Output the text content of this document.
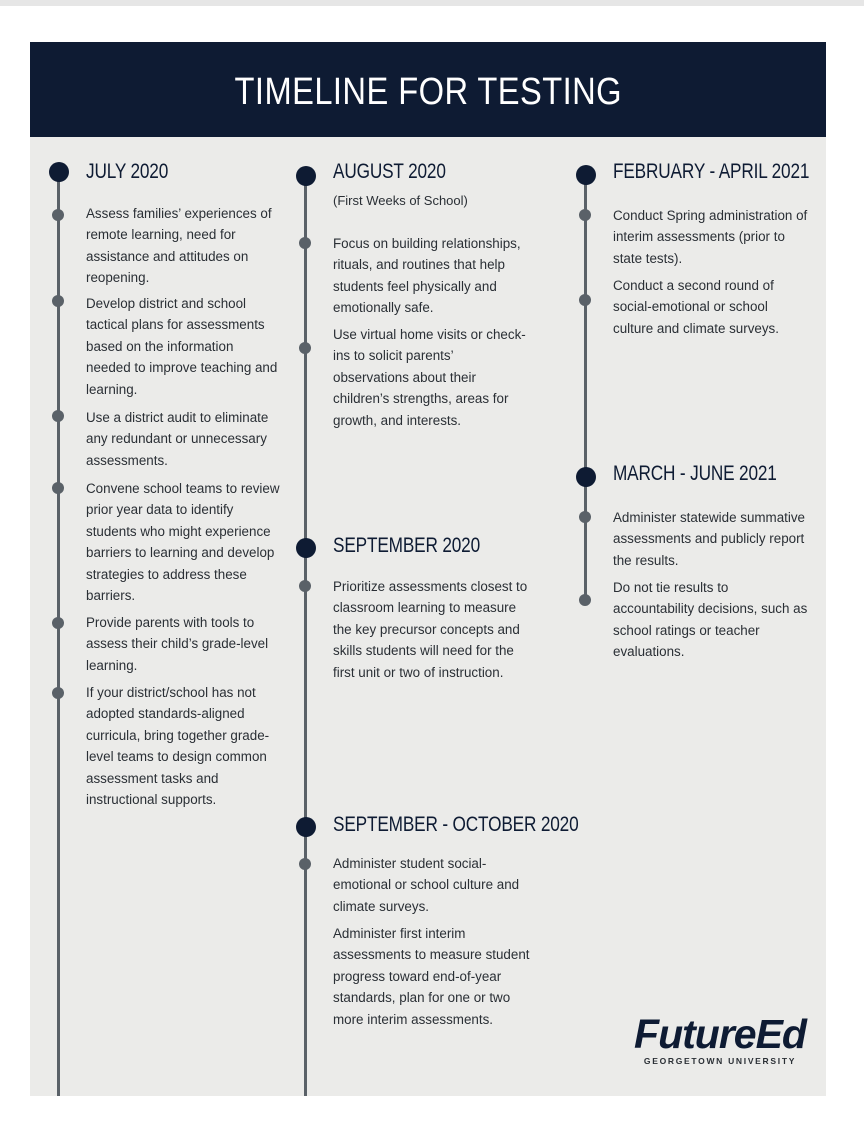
TIMELINE FOR TESTING
JULY 2020
Assess families’ experiences of remote learning, need for assistance and attitudes on reopening.
Develop district and school tactical plans for assessments based on the information needed to improve teaching and learning.
Use a district audit to eliminate any redundant or unnecessary assessments.
Convene school teams to review prior year data to identify students who might experience barriers to learning and develop strategies to address these barriers.
Provide parents with tools to assess their child’s grade-level learning.
If your district/school has not adopted standards-aligned curricula, bring together grade-level teams to design common assessment tasks and instructional supports.
AUGUST 2020
(First Weeks of School)
Focus on building relationships, rituals, and routines that help students feel physically and emotionally safe.
Use virtual home visits or check-ins to solicit parents’ observations about their children’s strengths, areas for growth, and interests.
SEPTEMBER 2020
Prioritize assessments closest to classroom learning to measure the key precursor concepts and skills students will need for the first unit or two of instruction.
SEPTEMBER - OCTOBER 2020
Administer student social-emotional or school culture and climate surveys.
Administer first interim assessments to measure student progress toward end-of-year standards, plan for one or two more interim assessments.
FEBRUARY - APRIL 2021
Conduct Spring administration of interim assessments (prior to state tests).
Conduct a second round of social-emotional or school culture and climate surveys.
MARCH - JUNE 2021
Administer statewide summative assessments and publicly report the results.
Do not tie results to accountability decisions, such as school ratings or teacher evaluations.
FutureEd
GEORGETOWN UNIVERSITY
